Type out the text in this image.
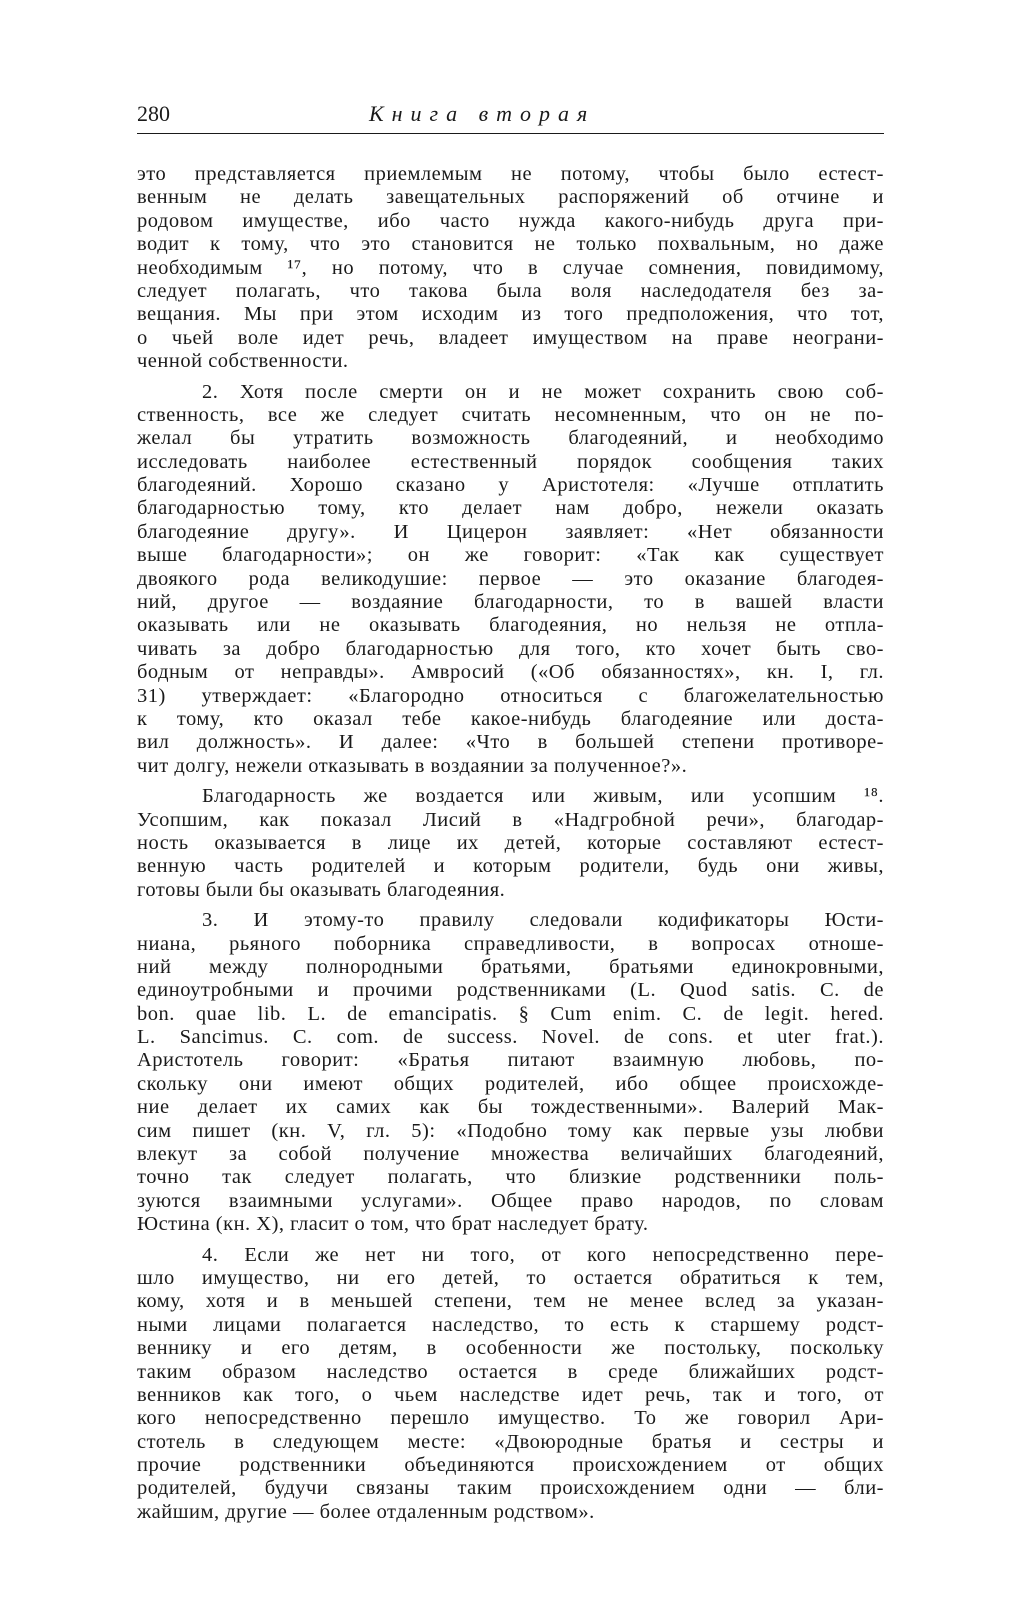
280	Книга вторая
это представляется приемлемым не потому, чтобы было естест-
венным не делать завещательных распоряжений об отчине и
родовом имуществе, ибо часто нужда какого-нибудь друга при-
водит к тому, что это становится не только похвальным, но даже
необходимым ¹⁷, но потому, что в случае сомнения, повидимому,
следует полагать, что такова была воля наследодателя без за-
вещания. Мы при этом исходим из того предположения, что тот,
о чьей воле идет речь, владеет имуществом на праве неограни-
ченной собственности.
2. Хотя после смерти он и не может сохранить свою соб-
ственность, все же следует считать несомненным, что он не по-
желал бы утратить возможность благодеяний, и необходимо
исследовать наиболее естественный порядок сообщения таких
благодеяний. Хорошо сказано у Аристотеля: «Лучше отплатить
благодарностью тому, кто делает нам добро, нежели оказать
благодеяние другу». И Цицерон заявляет: «Нет обязанности
выше благодарности»; он же говорит: «Так как существует
двоякого рода великодушие: первое — это оказание благодея-
ний, другое — воздаяние благодарности, то в вашей власти
оказывать или не оказывать благодеяния, но нельзя не отпла-
чивать за добро благодарностью для того, кто хочет быть сво-
бодным от неправды». Амвросий («Об обязанностях», кн. I, гл.
31) утверждает: «Благородно относиться с благожелательностью
к тому, кто оказал тебе какое-нибудь благодеяние или доста-
вил должность». И далее: «Что в большей степени противоре-
чит долгу, нежели отказывать в воздаянии за полученное?».
Благодарность же воздается или живым, или усопшим ¹⁸.
Усопшим, как показал Лисий в «Надгробной речи», благодар-
ность оказывается в лице их детей, которые составляют естест-
венную часть родителей и которым родители, будь они живы,
готовы были бы оказывать благодеяния.
3. И этому-то правилу следовали кодификаторы Юсти-
ниана, рьяного поборника справедливости, в вопросах отноше-
ний между полнородными братьями, братьями единокровными,
единоутробными и прочими родственниками (L. Quod satis. C. de
bon. quae lib. L. de emancipatis. § Cum enim. C. de legit. hered.
L. Sancimus. C. com. de success. Novel. de cons. et uter frat.).
Аристотель говорит: «Братья питают взаимную любовь, по-
скольку они имеют общих родителей, ибо общее происхожде-
ние делает их самих как бы тождественными». Валерий Мак-
сим пишет (кн. V, гл. 5): «Подобно тому как первые узы любви
влекут за собой получение множества величайших благодеяний,
точно так следует полагать, что близкие родственники поль-
зуются взаимными услугами». Общее право народов, по словам
Юстина (кн. X), гласит о том, что брат наследует брату.
4. Если же нет ни того, от кого непосредственно пере-
шло имущество, ни его детей, то остается обратиться к тем,
кому, хотя и в меньшей степени, тем не менее вслед за указан-
ными лицами полагается наследство, то есть к старшему родст-
веннику и его детям, в особенности же постольку, поскольку
таким образом наследство остается в среде ближайших родст-
венников как того, о чьем наследстве идет речь, так и того, от
кого непосредственно перешло имущество. То же говорил Ари-
стотель в следующем месте: «Двоюродные братья и сестры и
прочие родственники объединяются происхождением от общих
родителей, будучи связаны таким происхождением одни — бли-
жайшим, другие — более отдаленным родством».
